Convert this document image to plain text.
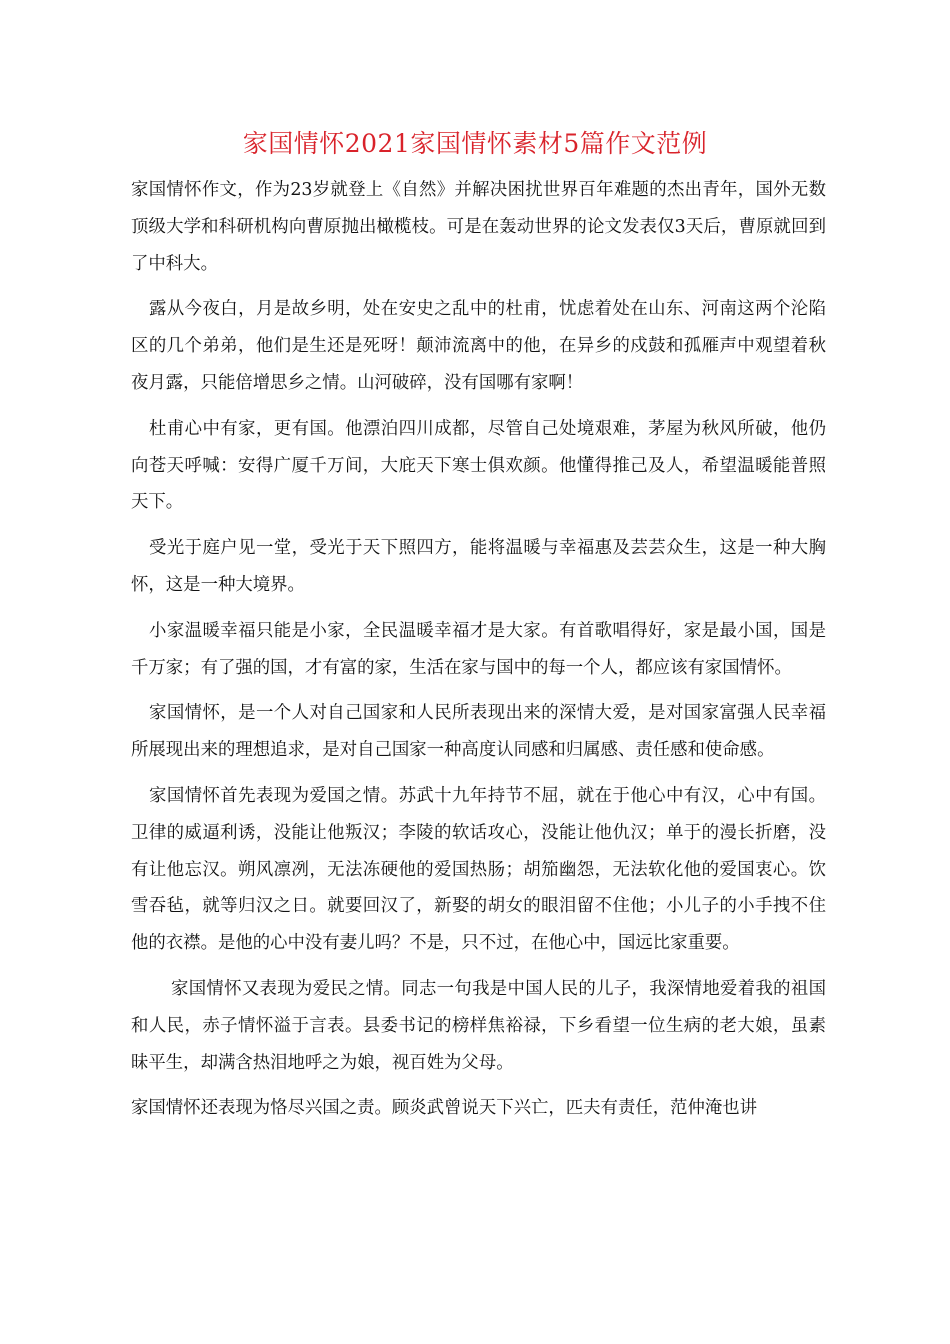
家国情怀2021家国情怀素材5篇作文范例

家国情怀作文，作为23岁就登上《自然》并解决困扰世界百年难题的杰出青年，国外无数顶级大学和科研机构向曹原抛出橄榄枝。可是在轰动世界的论文发表仅3天后，曹原就回到了中科大。

露从今夜白，月是故乡明，处在安史之乱中的杜甫，忧虑着处在山东、河南这两个沦陷区的几个弟弟，他们是生还是死呀！颠沛流离中的他，在异乡的戍鼓和孤雁声中观望着秋夜月露，只能倍增思乡之情。山河破碎，没有国哪有家啊！

杜甫心中有家，更有国。他漂泊四川成都，尽管自己处境艰难，茅屋为秋风所破，他仍向苍天呼喊：安得广厦千万间，大庇天下寒士俱欢颜。他懂得推己及人，希望温暖能普照天下。

受光于庭户见一堂，受光于天下照四方，能将温暖与幸福惠及芸芸众生，这是一种大胸怀，这是一种大境界。

小家温暖幸福只能是小家，全民温暖幸福才是大家。有首歌唱得好，家是最小国，国是千万家；有了强的国，才有富的家，生活在家与国中的每一个人，都应该有家国情怀。

家国情怀，是一个人对自己国家和人民所表现出来的深情大爱，是对国家富强人民幸福所展现出来的理想追求，是对自己国家一种高度认同感和归属感、责任感和使命感。

家国情怀首先表现为爱国之情。苏武十九年持节不屈，就在于他心中有汉，心中有国。卫律的威逼利诱，没能让他叛汉；李陵的软话攻心，没能让他仇汉；单于的漫长折磨，没有让他忘汉。朔风凛冽，无法冻硬他的爱国热肠；胡笳幽怨，无法软化他的爱国衷心。饮雪吞毡，就等归汉之日。就要回汉了，新娶的胡女的眼泪留不住他；小儿子的小手拽不住他的衣襟。是他的心中没有妻儿吗？不是，只不过，在他心中，国远比家重要。

家国情怀又表现为爱民之情。同志一句我是中国人民的儿子，我深情地爱着我的祖国和人民，赤子情怀溢于言表。县委书记的榜样焦裕禄，下乡看望一位生病的老大娘，虽素昧平生，却满含热泪地呼之为娘，视百姓为父母。

家国情怀还表现为恪尽兴国之责。顾炎武曾说天下兴亡，匹夫有责任，范仲淹也讲
